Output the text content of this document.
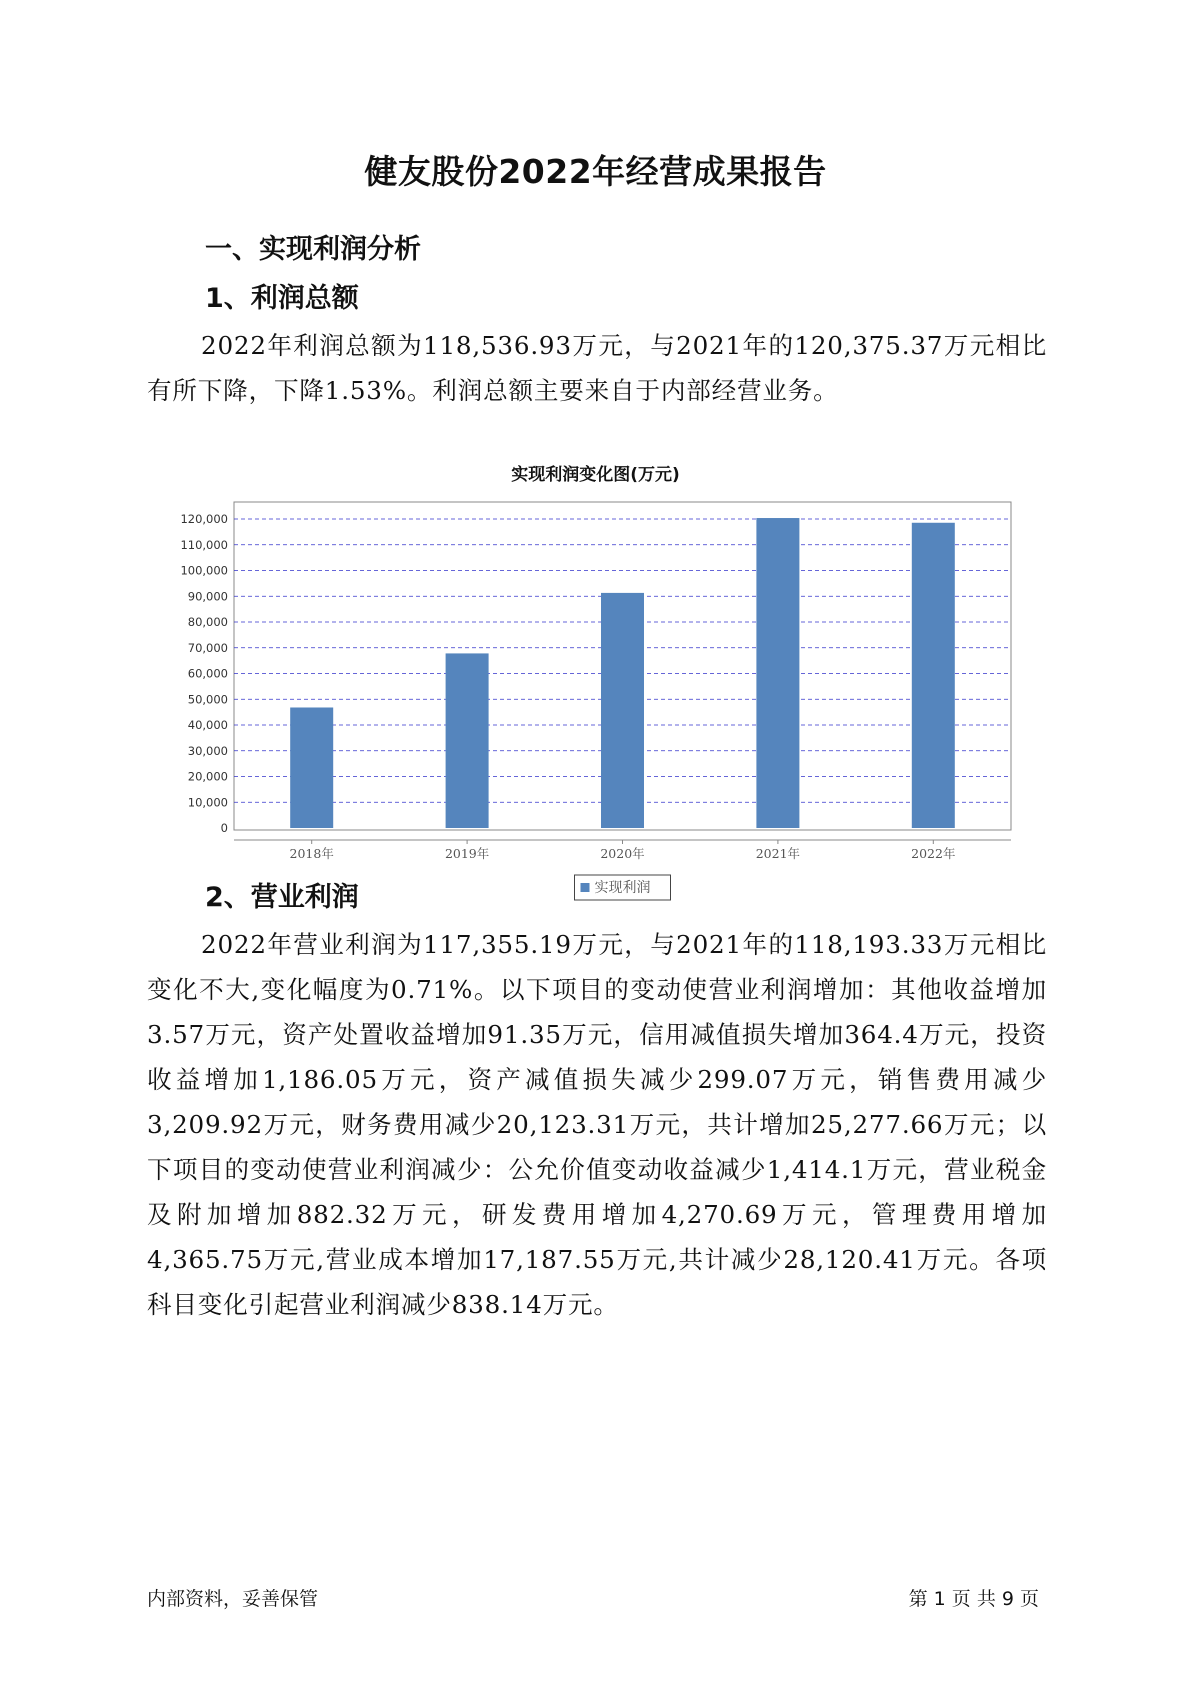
健友股份2022年经营成果报告
一、实现利润分析
1、利润总额
2022年利润总额为118,536.93万元，与2021年的120,375.37万元相比有所下降，下降1.53%。利润总额主要来自于内部经营业务。
实现利润变化图(万元)
0
10,000
20,000
30,000
40,000
50,000
60,000
70,000
80,000
90,000
100,000
110,000
120,000
2018年	2019年	2020年	2021年	2022年
实现利润
2、营业利润
2022年营业利润为117,355.19万元，与2021年的118,193.33万元相比变化不大,变化幅度为0.71%。以下项目的变动使营业利润增加：其他收益增加3.57万元，资产处置收益增加91.35万元，信用减值损失增加364.4万元，投资收益增加1,186.05万元，资产减值损失减少299.07万元，销售费用减少3,209.92万元，财务费用减少20,123.31万元，共计增加25,277.66万元；以下项目的变动使营业利润减少：公允价值变动收益减少1,414.1万元，营业税金及附加增加882.32万元，研发费用增加4,270.69万元，管理费用增加4,365.75万元,营业成本增加17,187.55万元,共计减少28,120.41万元。各项科目变化引起营业利润减少838.14万元。
内部资料，妥善保管	第 1 页 共 9 页
